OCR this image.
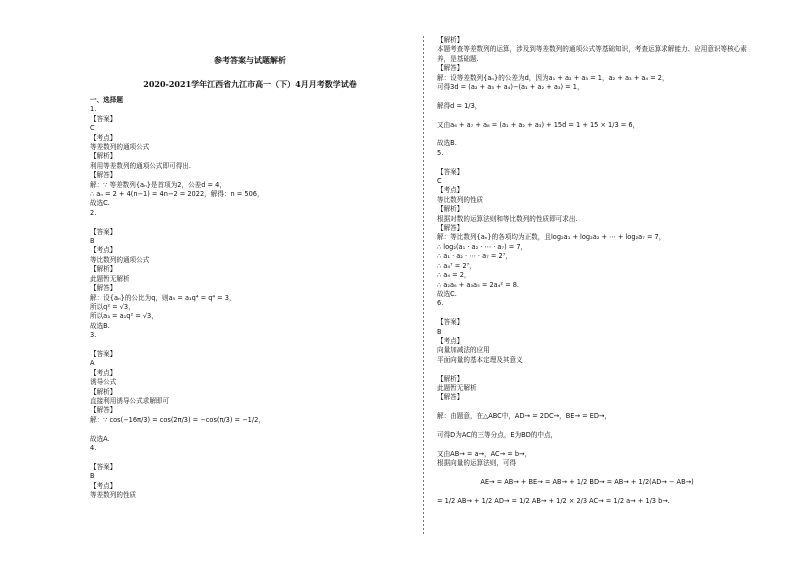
参考答案与试题解析
2020-2021学年江西省九江市高一（下）4月月考数学试卷
一、选择题
1.
【答案】
C
【考点】
等差数列的通项公式
【解析】
利用等差数列的通项公式即可得出.
【解答】
解：∵ 等差数列{aₙ}是首项为2，公差d = 4，
∴ aₙ = 2 + 4(n−1) = 4n−2 = 2022，解得：n = 506，
故选C.
2.
【答案】
B
【考点】
等比数列的通项公式
【解析】
此题暂无解析
【解答】
解：设{aₙ}的公比为q，则a₅ = a₁q⁴ = q⁴ = 3，
所以q² = √3，
所以a₃ = a₁q² = √3，
故选B.
3.
【答案】
A
【考点】
诱导公式
【解析】
直接利用诱导公式求解即可
【解答】
解：∵ cos(−16π/3) = cos(2π/3) = −cos(π/3) = −1/2，
故选A.
4.
【答案】
B
【考点】
等差数列的性质
【解析】
本题考查等差数列的运算，涉及到等差数列的通项公式等基础知识，考查运算求解能力、应用意识等核心素
养，是基础题.
【解答】
解：设等差数列{aₙ}的公差为d，因为a₁ + a₂ + a₃ = 1，a₂ + a₃ + a₄ = 2，
可得3d = (a₂ + a₃ + a₄)−(a₁ + a₂ + a₃) = 1，
解得d = 1/3，
又由a₆ + a₇ + a₈ = (a₁ + a₂ + a₃) + 15d = 1 + 15 × 1/3 = 6，
故选B.
5.
【答案】
C
【考点】
等比数列的性质
【解析】
根据对数的运算法则和等比数列的性质即可求出.
【解答】
解：等比数列{aₙ}的各项均为正数，且log₂a₁ + log₂a₂ + ⋯ + log₂a₇ = 7，
∴ log₂(a₁ · a₂ · ⋯ · a₇) = 7，
∴ a₁ · a₂ · ⋯ · a₇ = 2⁷，
∴ a₄⁷ = 2⁷，
∴ a₄ = 2，
∴ a₂a₆ + a₃a₅ = 2a₄² = 8.
故选C.
6.
【答案】
B
【考点】
向量加减法的应用
平面向量的基本定理及其意义
【解析】
此题暂无解析
【解答】
解：由题意，在△ABC中，AD→ = 2DC→，BE→ = ED→，
可得D为AC的三等分点，E为BD的中点，
又由AB→ = a→，AC→ = b→，
根据向量的运算法则，可得
AE→ = AB→ + BE→ = AB→ + 1/2 BD→ = AB→ + 1/2(AD→ − AB→)
= 1/2 AB→ + 1/2 AD→ = 1/2 AB→ + 1/2 × 2/3 AC→ = 1/2 a→ + 1/3 b→.
